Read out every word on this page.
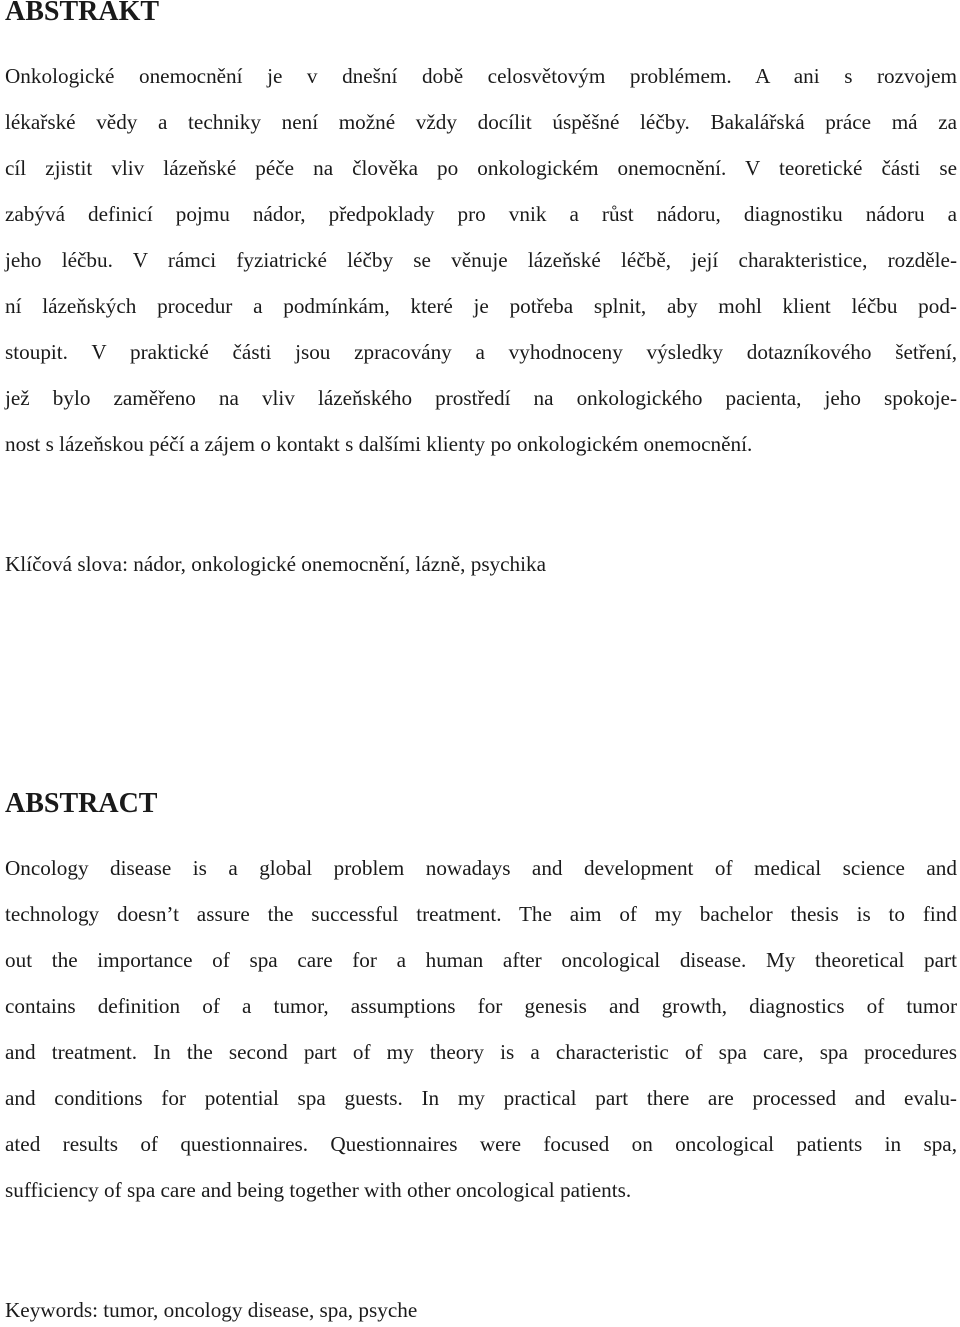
ABSTRAKT
Onkologické onemocnění je v dnešní době celosvětovým problémem. A ani s rozvojem
lékařské vědy a techniky není možné vždy docílit úspěšné léčby. Bakalářská práce má za
cíl zjistit vliv lázeňské péče na člověka po onkologickém onemocnění. V teoretické části se
zabývá definicí pojmu nádor, předpoklady pro vnik a růst nádoru, diagnostiku nádoru a
jeho léčbu. V rámci fyziatrické léčby se věnuje lázeňské léčbě, její charakteristice, rozděle-
ní lázeňských procedur a podmínkám, které je potřeba splnit, aby mohl klient léčbu pod-
stoupit. V praktické části jsou zpracovány a vyhodnoceny výsledky dotazníkového šetření,
jež bylo zaměřeno na vliv lázeňského prostředí na onkologického pacienta, jeho spokoje-
nost s lázeňskou péčí a zájem o kontakt s dalšími klienty po onkologickém onemocnění.

Klíčová slova: nádor, onkologické onemocnění, lázně, psychika

ABSTRACT
Oncology disease is a global problem nowadays and development of medical science and
technology doesn’t assure the successful treatment. The aim of my bachelor thesis is to find
out the importance of spa care for a human after oncological disease. My theoretical part
contains definition of a tumor, assumptions for genesis and growth, diagnostics of tumor
and treatment. In the second part of my theory is a characteristic of spa care, spa procedures
and conditions for potential spa guests. In my practical part there are processed and evalu-
ated results of questionnaires. Questionnaires were focused on oncological patients in spa,
sufficiency of spa care and being together with other oncological patients.

Keywords: tumor, oncology disease, spa, psyche
